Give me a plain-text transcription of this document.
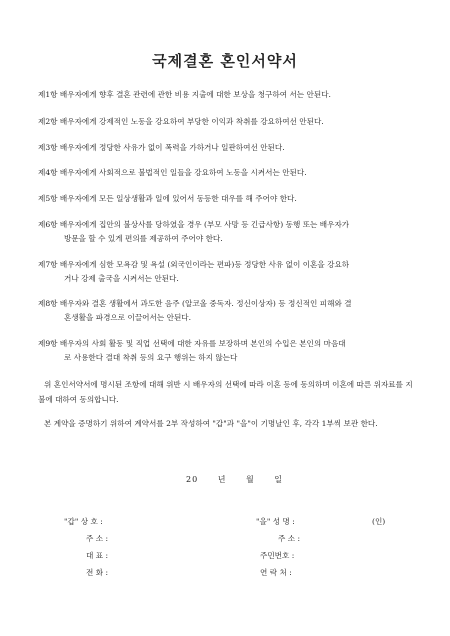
국제결혼 혼인서약서
제1항 배우자에게 향후 결혼 관련에 관한 비용 지출에 대한 보상을 청구하여 서는 안된다.
제2항 배우자에게 강제적인 노동을 강요하여 부당한 이익과 착취를 강요하여선 안된다.
제3항 배우자에게 정당한 사유가 없이 폭력을 가하거나 일판하여선 안된다.
제4항 배우자에게 사회적으로 불법적인 일들을 강요하여 노동을 시켜서는 안된다.
제5항 배우자에게 모든 일상생활과 일에 있어서 동등한 대우를 해 주어야 한다.
제6항 배우자에게 집안의 불상사를 당하였을 경우 (부모 사망 등 긴급사항) 동행 또는 배우자가
방문을 할 수 있게 편의를 제공하여 주어야 한다.
제7항 배우자에게 심한 모욕감 및 욕설 (외국인이라는 편파)등 정당한 사유 없이 이혼을 강요하
거나 강제 출국을 시켜서는 안된다.
제8항 배우자와 결혼 생활에서 과도한 음주 (알코올 중독자. 정신이상자) 등 정신적인 피해와 결
혼생활을 파경으로 이끌어서는 안된다.
제9항 배우자의 사회 활동 및 직업 선택에 대한 자유를 보장하며 본인의 수입은 본인의 마음대
로 사용한다 결대 착취 등의 요구 행위는 하지 않는다
위 혼인서약서에 명시된 조항에 대해 위반 시 배우자의 선택에 따라 이혼 등에 동의하며 이혼에 따른 위자료를 지불에 대하여 동의합니다.
본 계약을 증명하기 위하여 계약서를 2부 작성하여 "갑"과 "을"이 기명날인 후, 각각 1부씩 보관 한다.
20 년 월 일
"갑" 상 호 :
주 소 :
대 표 :
전 화 :
"을" 성 명 :	(인)
주 소 :
주민번호 :
연 락 처 :
